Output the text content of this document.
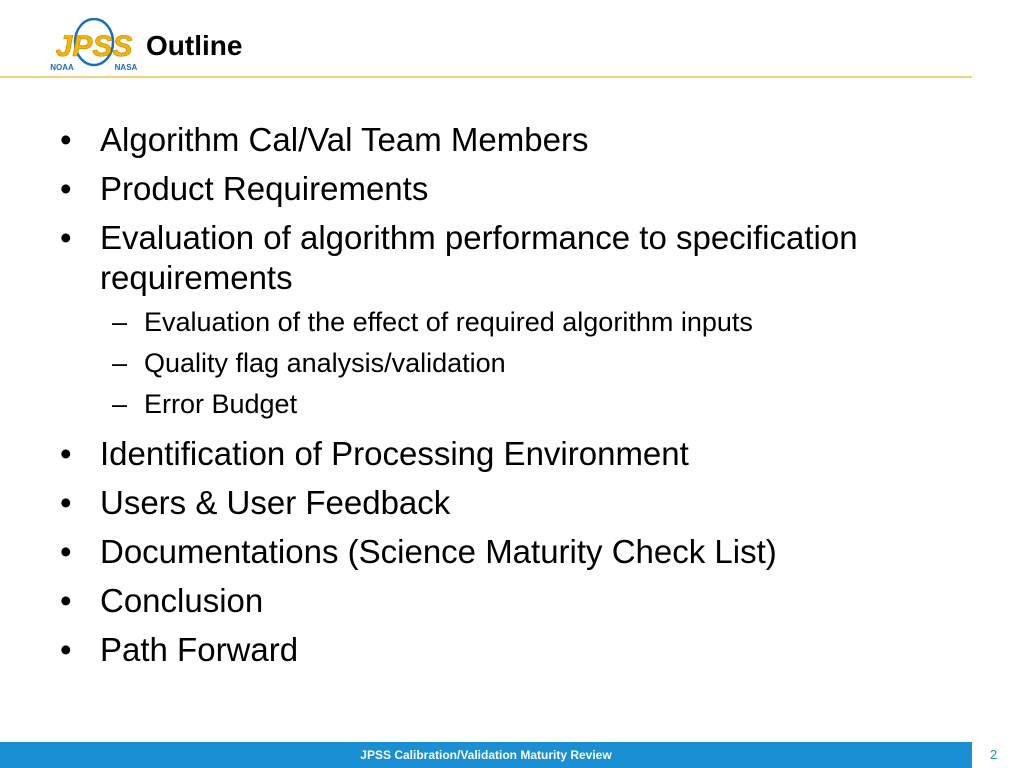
JPSS
NOAA	NASA
Outline
• Algorithm Cal/Val Team Members
• Product Requirements
• Evaluation of algorithm performance to specification requirements
– Evaluation of the effect of required algorithm inputs
– Quality flag analysis/validation
– Error Budget
• Identification of Processing Environment
• Users & User Feedback
• Documentations (Science Maturity Check List)
• Conclusion
• Path Forward
JPSS Calibration/Validation Maturity Review	2
